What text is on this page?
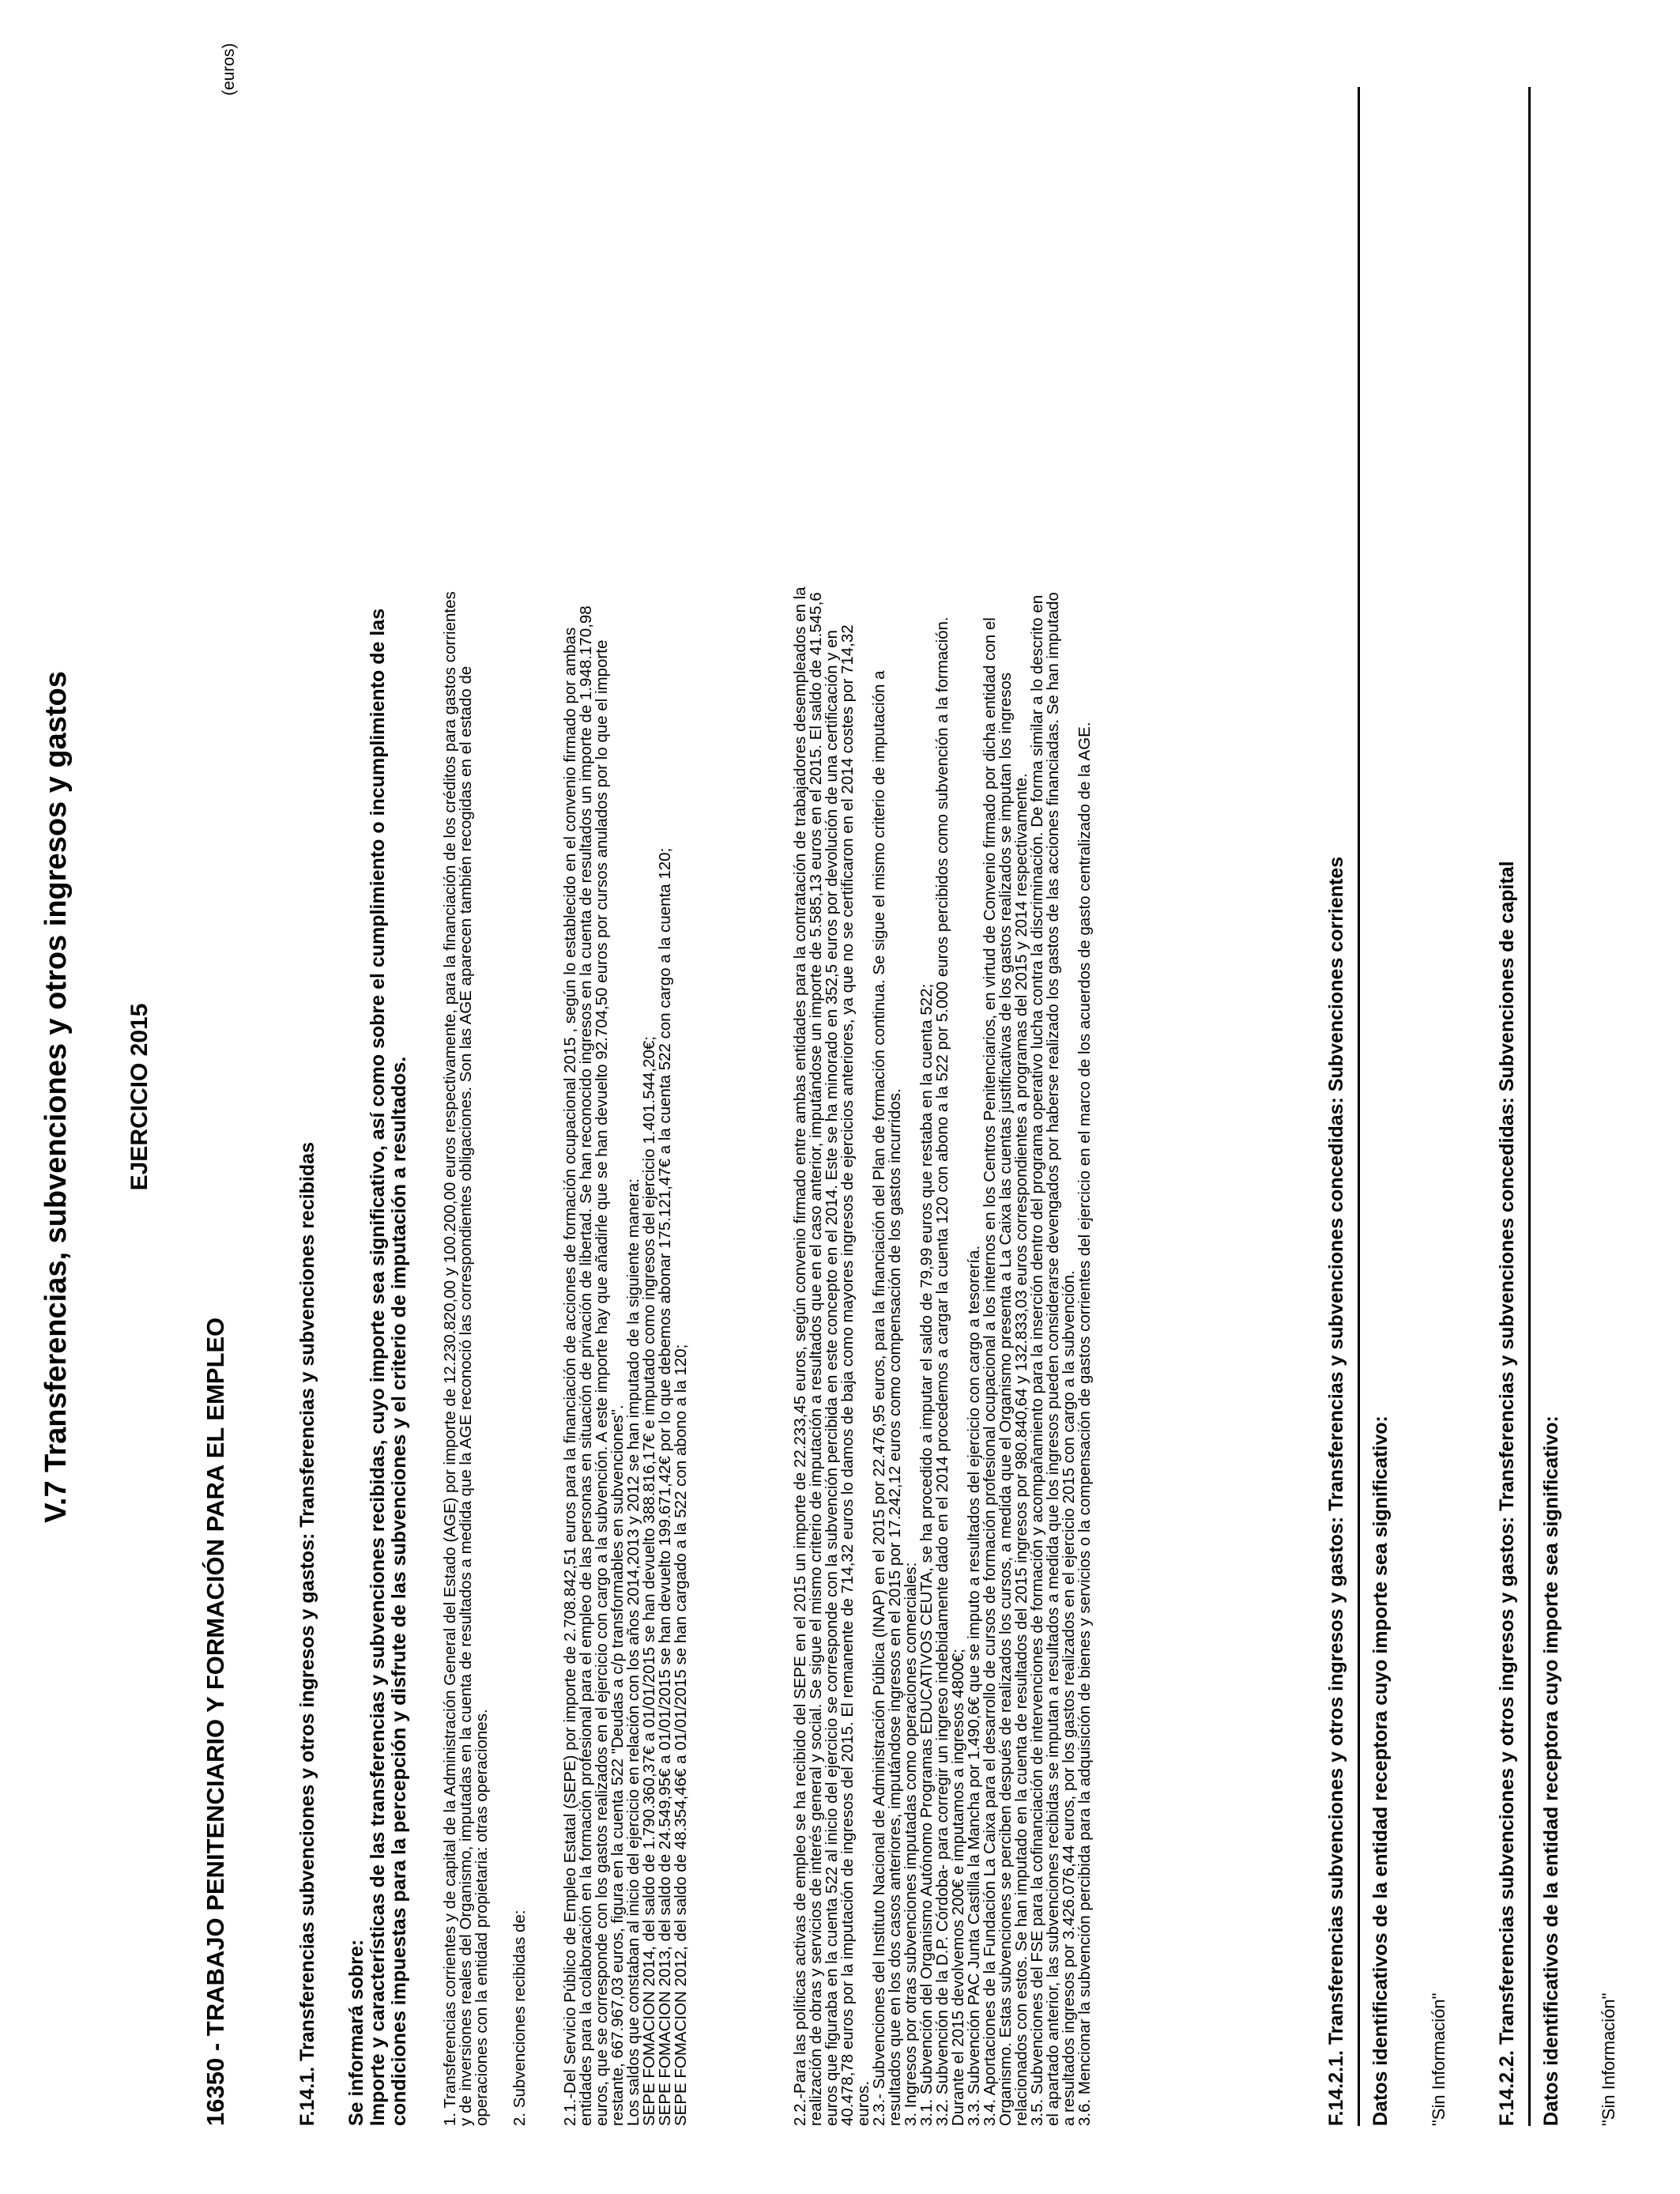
V.7 Transferencias, subvenciones y otros ingresos y gastos EJERCICIO 2015
(euros)
16350 - TRABAJO PENITENCIARIO Y FORMACIÓN PARA EL EMPLEO	F.14.1. Transferencias subvenciones y otros ingresos y gastos: Transferencias y subvenciones recibidas Se informará sobre: Importe y características de las transferencias y subvenciones recibidas, cuyo importe sea significativo, así como sobre el cumplimiento o incumplimiento de las condiciones impuestas para la percepción y disfrute de las subvenciones y el criterio de imputación a resultados. 1. Transferencias corrientes y de capital de la Administración General del Estado (AGE) por importe de 12.230.820,00 y 100.200,00 euros respectivamente, para la financiación de los créditos para gastos corrientes
y de inversiones reales del Organismo, imputadas en la cuenta de resultados a medida que la AGE reconoció las correspondientes obligaciones. Son las AGE aparecen también recogidas en el estado de
operaciones con la entidad propietaria: otras operaciones. 2. Subvenciones recibidas de: 2.1.-Del Servicio Público de Empleo Estatal (SEPE) por importe de 2.708.842,51 euros para la financiación de acciones de formación ocupacional 2015 , según lo establecido en el convenio firmado por ambas
entidades para la colaboración en la formación profesional para el empleo de las personas en situación de privación de libertad. Se han reconocido ingresos en la cuenta de resultados un importe de 1.948.170,98
euros, que se corresponde con los gastos realizados en el ejercicio con cargo a la subvención. A este importe hay que añadirle que se han devuelto 92.704,50 euros por cursos anulados por lo que el importe
restante, 667.967,03 euros, figura en la cuenta 522 "Deudas a c/p transformables en subvenciones".
Los saldos que constaban al inicio del ejercicio en relación con los años 2014,2013 y 2012 se han imputado de la siguiente manera:
SEPE FOMACION 2014, del saldo de 1.790.360,37€ a 01/01/2015 se han devuelto 388.816,17€ e imputado como ingresos del ejercicio 1.401.544,20€;
SEPE FOMACION 2013, del saldo de 24.549,95€ a 01/01/2015 se han devuelto 199.671,42€ por lo que debemos abonar 175.121,47€ a la cuenta 522 con cargo a la cuenta 120;
SEPE FOMACION 2012, del saldo de 48.354,46€ a 01/01/2015 se han cargado a la 522 con abono a la 120;	2.2.-Para las políticas activas de empleo se ha recibido del SEPE en el 2015 un importe de 22.233,45 euros, según convenio firmado entre ambas entidades para la contratación de trabajadores desempleados en la
realización de obras y servicios de interés general y social. Se sigue el mismo criterio de imputación a resultados que en el caso anterior, imputándose un importe de 5.585,13 euros en el 2015. El saldo de 41.545,6
euros que figuraba en la cuenta 522 al inicio del ejercicio se corresponde con la subvención percibida en este concepto en el 2014. Este se ha minorado en 352,5 euros por devolución de una certificación y en
40.478,78 euros por la imputación de ingresos del 2015. El remanente de 714,32 euros lo damos de baja como mayores ingresos de ejercicios anteriores, ya que no se certificaron en el 2014 costes por 714,32
euros.
2.3.- Subvenciones del Instituto Nacional de Administración Pública (INAP) en el 2015 por 22.476,95 euros, para la financiación del Plan de formación continua. Se sigue el mismo criterio de imputación a
resultados que en los dos casos anteriores, imputándose ingresos en el 2015 por 17.242,12 euros como compensación de los gastos incurridos.
3. Ingresos por otras subvenciones imputadas como operaciones comerciales:
3.1. Subvención del Organismo Autónomo Programas EDUCATIVOS CEUTA, se ha procedido a imputar el saldo de 79,99 euros que restaba en la cuenta 522;
3.2. Subvención de la D.P. Córdoba- para corregir un ingreso indebidamente dado en el 2014 procedemos a cargar la cuenta 120 con abono a la 522 por 5.000 euros percibidos como subvención a la formación.
Durante el 2015 devolvemos 200€ e imputamos a ingresos 4800€;
3.3. Subvención PAC Junta Castilla la Mancha por 1.490,6€ que se imputo a resultados del ejercicio con cargo a tesorería.
3.4. Aportaciones de la Fundación La Caixa para el desarrollo de cursos de formación profesional ocupacional a los internos en los Centros Penitenciarios, en virtud de Convenio firmado por dicha entidad con el
Organismo. Estas subvenciones se perciben después de realizados los cursos, a medida que el Organismo presenta a La Caixa las cuentas justificativas de los gastos realizados se imputan los ingresos
relacionados con estos. Se han imputado en la cuenta de resultados del 2015 ingresos por 980.840,64 y 132.833,03 euros correspondientes a programas del 2015 y 2014 respectivamente.
3.5. Subvenciones del FSE para la cofinanciación de intervenciones de formación y acompañamiento para la inserción dentro del programa operativo lucha contra la discriminación. De forma similar a lo descrito en
el apartado anterior, las subvenciones recibidas se imputan a resultados a medida que los ingresos pueden considerarse devengados por haberse realizado los gastos de las acciones financiadas. Se han imputado
a resultados ingresos por 3.426.076,44 euros, por los gastos realizados en el ejercicio 2015 con cargo a la subvención.
3.6. Mencionar la subvención percibida para la adquisición de bienes y servicios o la compensación de gastos corrientes del ejercicio en el marco de los acuerdos de gasto centralizado de la AGE.	F.14.2.1. Transferencias subvenciones y otros ingresos y gastos: Transferencias y subvenciones concedidas: Subvenciones corrientes Datos identificativos de la entidad receptora cuyo importe sea significativo: "Sin Información" F.14.2.2. Transferencias subvenciones y otros ingresos y gastos: Transferencias y subvenciones concedidas: Subvenciones de capital Datos identificativos de la entidad receptora cuyo importe sea significativo: "Sin Información"
